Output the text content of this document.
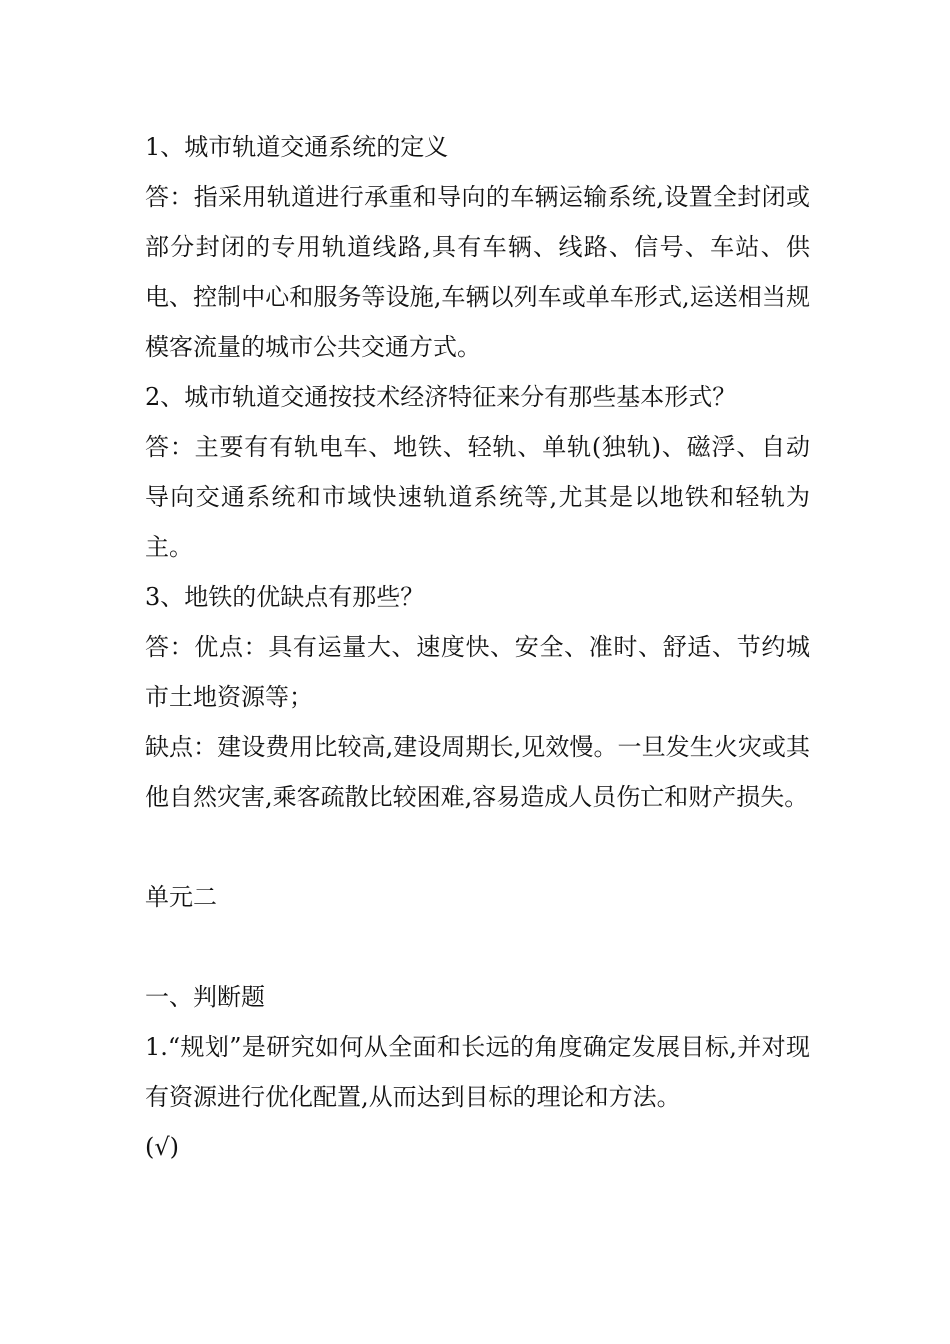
1、城市轨道交通系统的定义

答：指采用轨道进行承重和导向的车辆运输系统,设置全封闭或部分封闭的专用轨道线路,具有车辆、线路、信号、车站、供电、控制中心和服务等设施,车辆以列车或单车形式,运送相当规模客流量的城市公共交通方式。

2、城市轨道交通按技术经济特征来分有那些基本形式？

答：主要有有轨电车、地铁、轻轨、单轨(独轨)、磁浮、自动导向交通系统和市域快速轨道系统等,尤其是以地铁和轻轨为主。

3、地铁的优缺点有那些？

答：优点：具有运量大、速度快、安全、准时、舒适、节约城市土地资源等；

缺点：建设费用比较高,建设周期长,见效慢。一旦发生火灾或其他自然灾害,乘客疏散比较困难,容易造成人员伤亡和财产损失。

单元二

一、判断题

1.“规划”是研究如何从全面和长远的角度确定发展目标,并对现有资源进行优化配置,从而达到目标的理论和方法。

(√)
